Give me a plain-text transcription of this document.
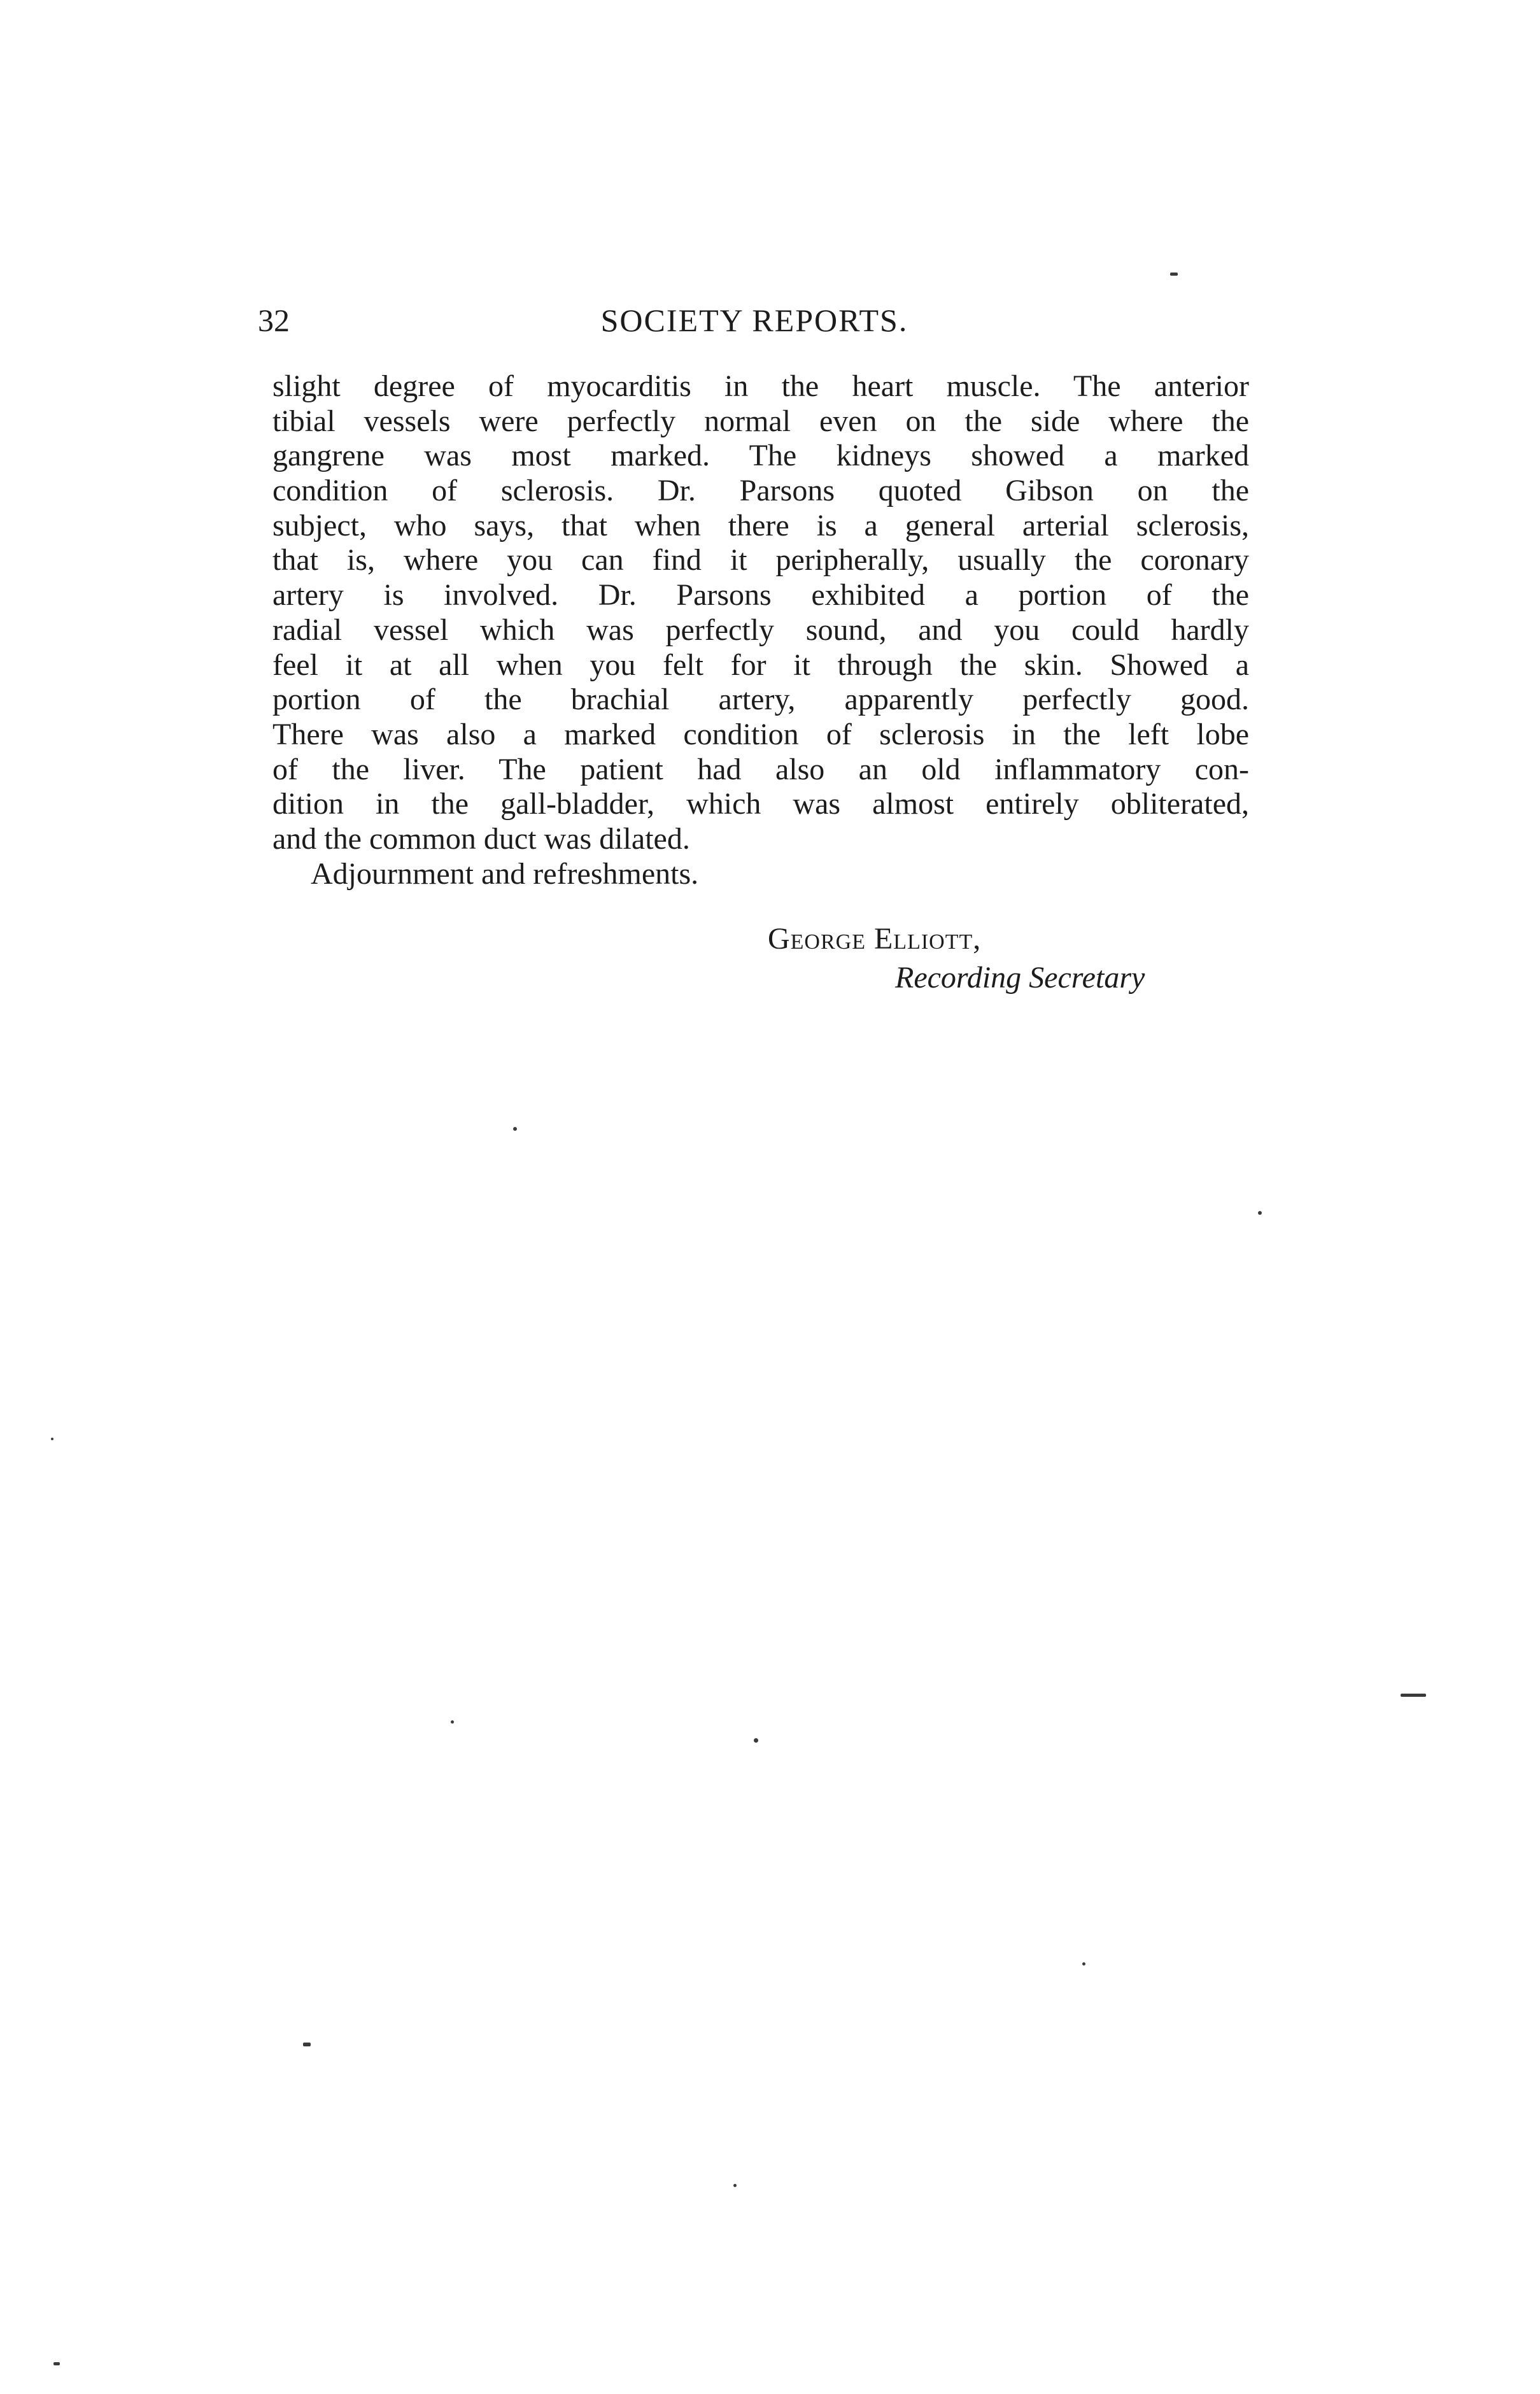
32	SOCIETY REPORTS.
slight degree of myocarditis in the heart muscle. The anterior
tibial vessels were perfectly normal even on the side where the
gangrene was most marked. The kidneys showed a marked
condition of sclerosis. Dr. Parsons quoted Gibson on the
subject, who says, that when there is a general arterial sclerosis,
that is, where you can find it peripherally, usually the coronary
artery is involved. Dr. Parsons exhibited a portion of the
radial vessel which was perfectly sound, and you could hardly
feel it at all when you felt for it through the skin. Showed a
portion of the brachial artery, apparently perfectly good.
There was also a marked condition of sclerosis in the left lobe
of the liver. The patient had also an old inflammatory con-
dition in the gall-bladder, which was almost entirely obliterated,
and the common duct was dilated.
Adjournment and refreshments.
George Elliott,
Recording Secretary
